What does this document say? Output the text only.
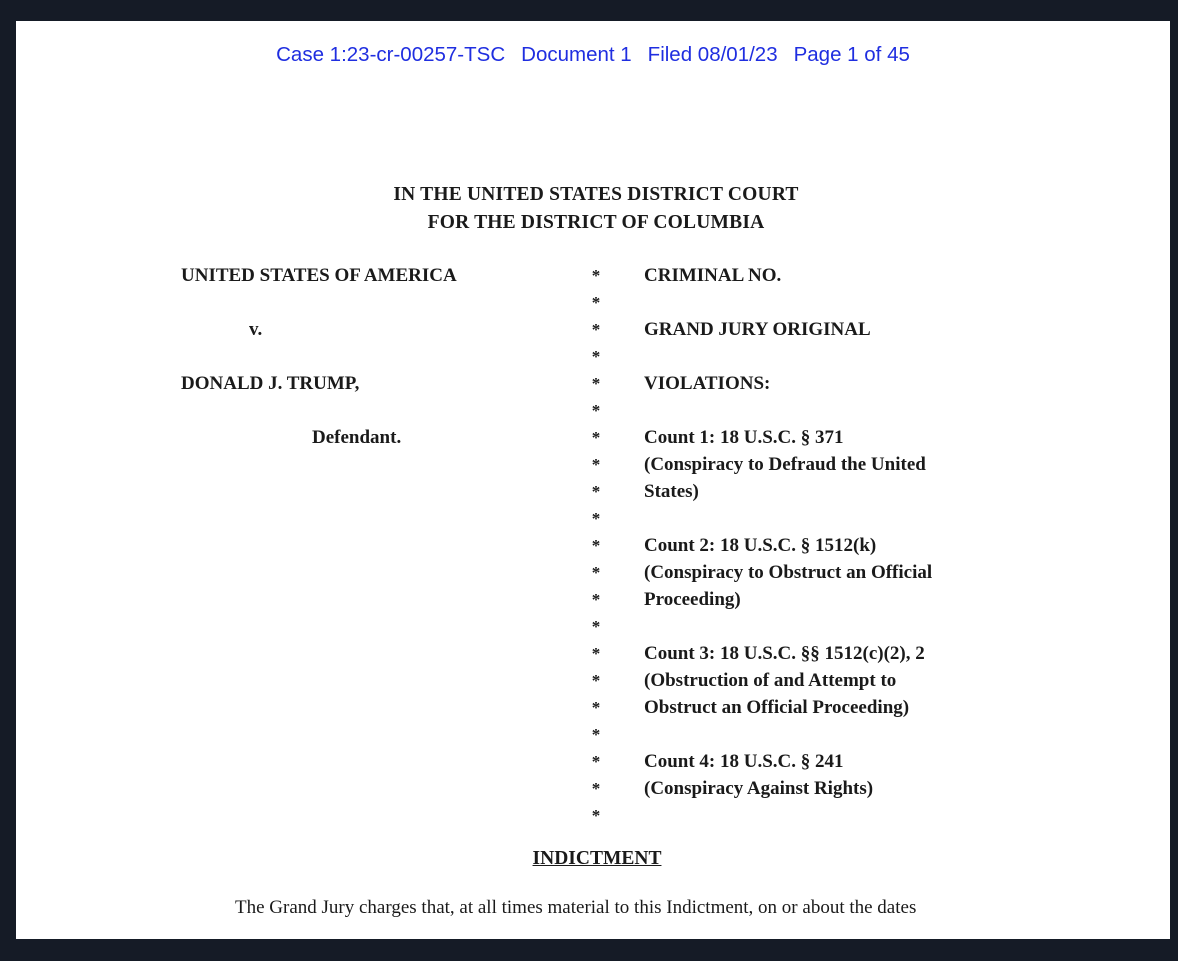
Case 1:23-cr-00257-TSC Document 1 Filed 08/01/23 Page 1 of 45
IN THE UNITED STATES DISTRICT COURT
FOR THE DISTRICT OF COLUMBIA
UNITED STATES OF AMERICA
v.
DONALD J. TRUMP,
Defendant.
*
*
*
*
*
*
*
*
*
*
*
*
*
*
*
*
*
*
*
*
*
CRIMINAL NO.
GRAND JURY ORIGINAL
VIOLATIONS:
Count 1: 18 U.S.C. § 371
(Conspiracy to Defraud the United
States)
Count 2: 18 U.S.C. § 1512(k)
(Conspiracy to Obstruct an Official
Proceeding)
Count 3: 18 U.S.C. §§ 1512(c)(2), 2
(Obstruction of and Attempt to
Obstruct an Official Proceeding)
Count 4: 18 U.S.C. § 241
(Conspiracy Against Rights)
INDICTMENT
The Grand Jury charges that, at all times material to this Indictment, on or about the dates
